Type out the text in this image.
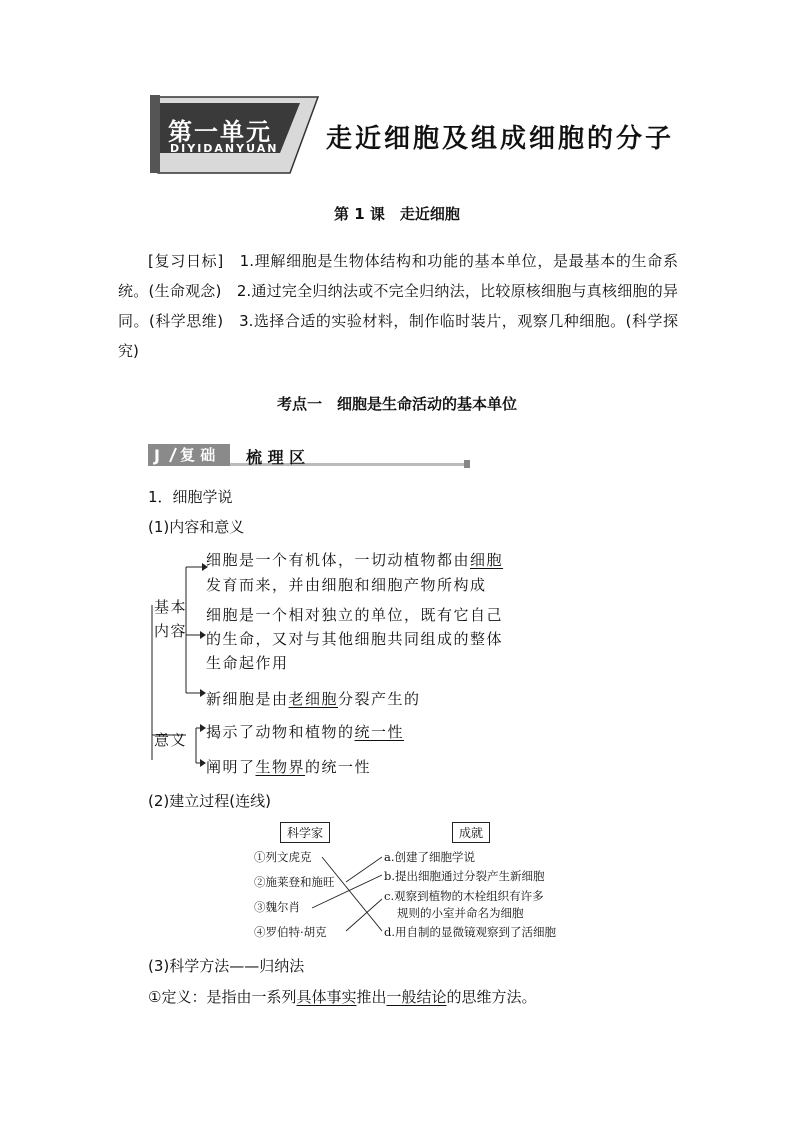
第一单元
DIYIDANYUAN 走近细胞及组成细胞的分子
第 1 课　走近细胞
[复习日标]　 1.理解细胞是生物体结构和功能的基本单位，是最基本的生命系统。(生命观念)　2.通过完全归纳法或不完全归纳法，比较原核细胞与真核细胞的异同。(科学思维)　3.选择合适的实验材料，制作临时装片，观察几种细胞。(科学探究)
考点一　细胞是生命活动的基本单位
J 复 础 梳 理 区
1．细胞学说
(1)内容和意义
基本
内容
细胞是一个有机体，一切动植物都由细胞
发育而来，并由细胞和细胞产物所构成
细胞是一个相对独立的单位，既有它自己
的生命，又对与其他细胞共同组成的整体
生命起作用
新细胞是由老细胞分裂产生的
意义 揭示了动物和植物的统一性
阐明了生物界的统一性
(2)建立过程(连线)
科学家	成就
①列文虎克
②施莱登和施旺
③魏尔肖
④罗伯特·胡克
a.创建了细胞学说
b.提出细胞通过分裂产生新细胞
c.观察到植物的木栓组织有许多
规则的小室并命名为细胞
d.用自制的显微镜观察到了活细胞
(3)科学方法——归纳法
①定义：是指由一系列具体事实推出一般结论的思维方法。
